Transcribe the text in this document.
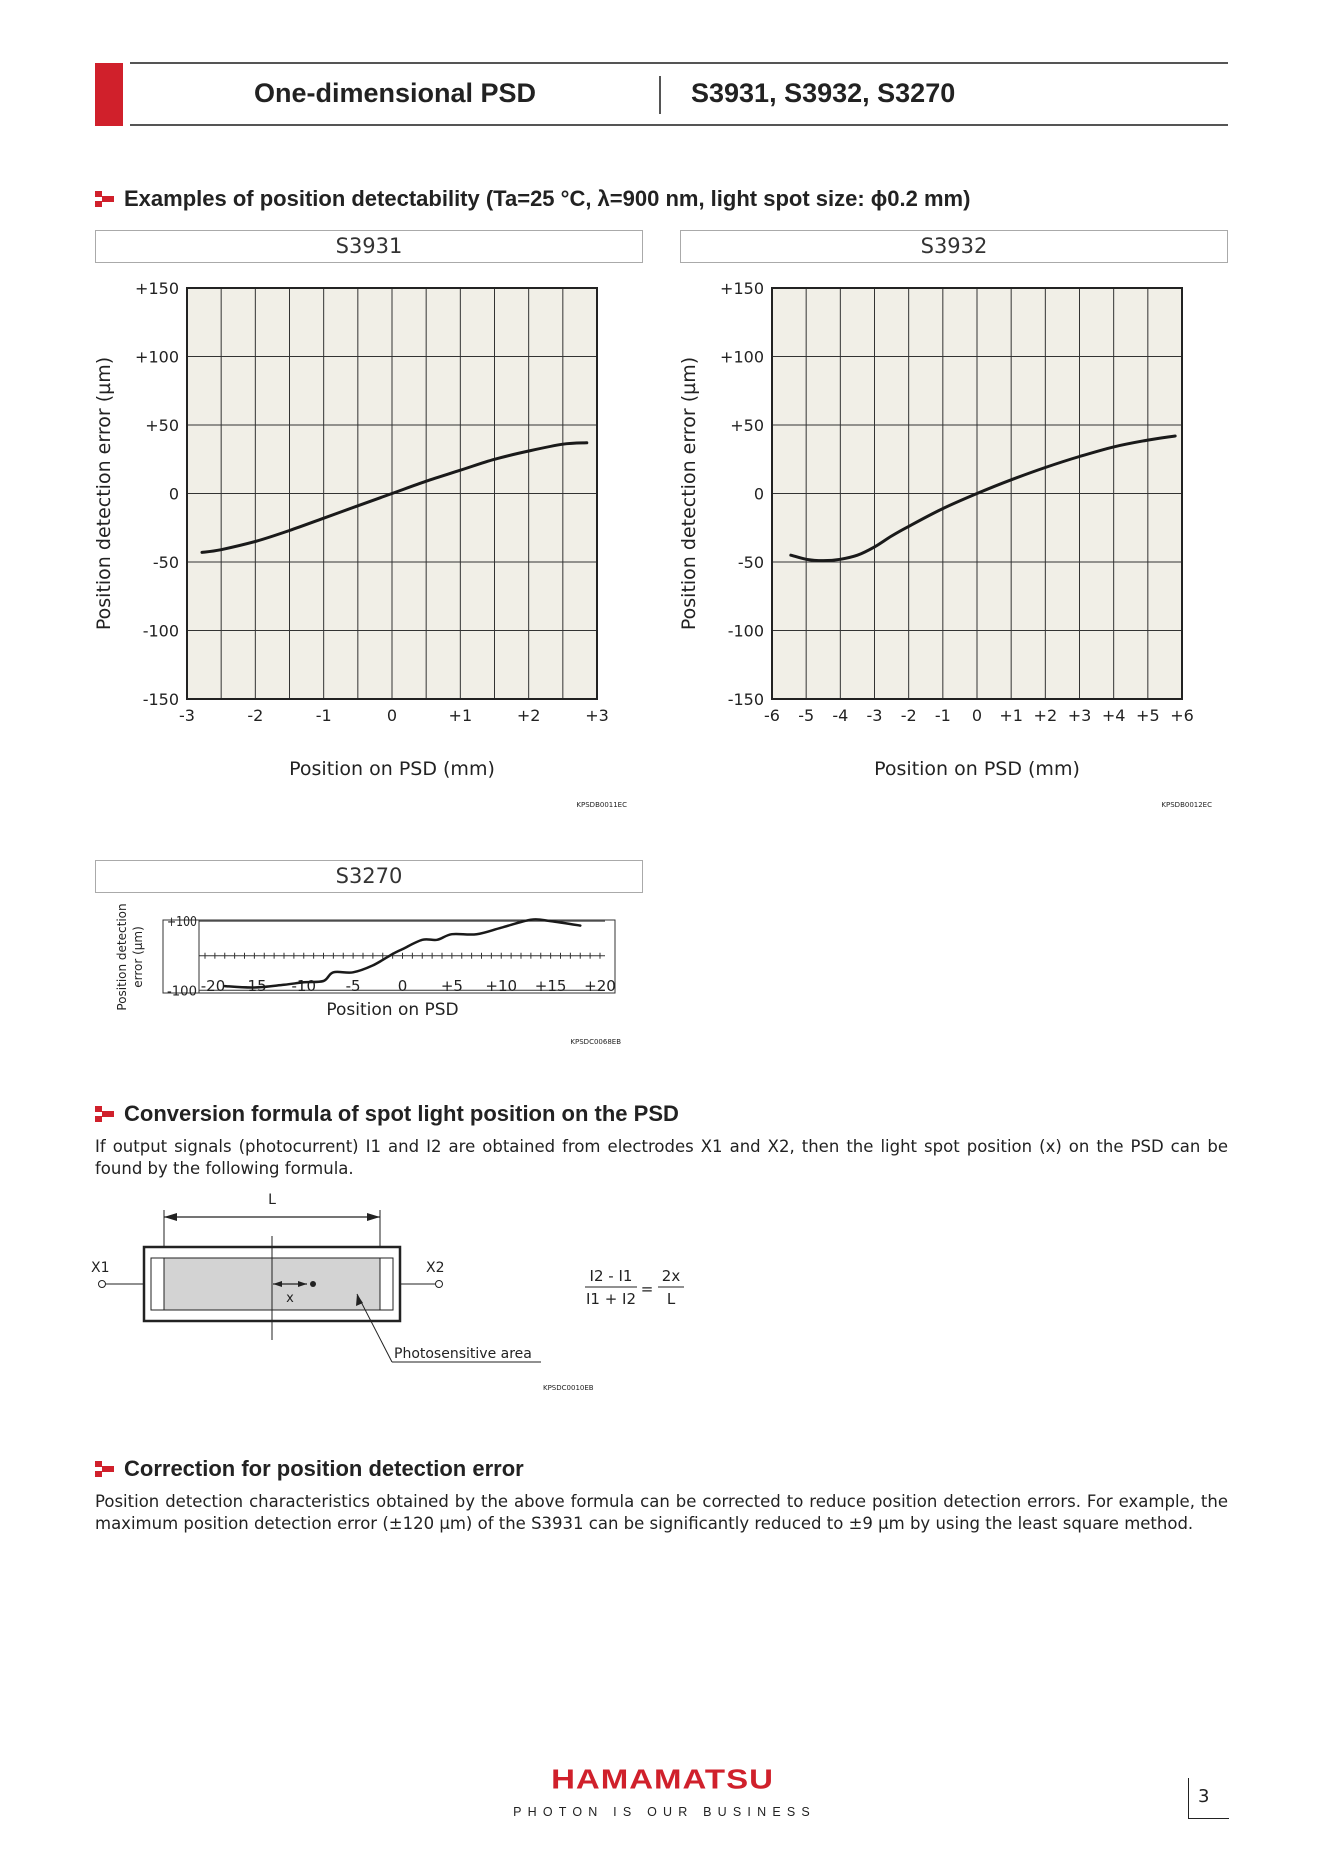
One-dimensional PSD	S3931, S3932, S3270
Examples of position detectability (Ta=25 °C, λ=900 nm, light spot size: ϕ0.2 mm)
S3931	S3932
+150
+100
+50
0
-50
-100
-150
-3	-2	-1	0	+1	+2	+3
Position on PSD (mm)
Position detection error (µm)
KPSDB0011EC
+150
+100
+50
0
-50
-100
-150
-6 -5 -4 -3 -2 -1 0 +1 +2 +3 +4 +5 +6
Position on PSD (mm)
Position detection error (µm)
KPSDB0012EC
S3270
+100
-100 -20 -15 -10 -5 0 +5 +10 +15 +20
Position on PSD
Position detection error (µm)
KPSDC0068EB
Conversion formula of spot light position on the PSD
If output signals (photocurrent) I1 and I2 are obtained from electrodes X1 and X2, then the light spot position (x) on the PSD can be found by the following formula.
L
x
X1	X2
Photosensitive area
I2 - I1
I1 + I2
=
2x
L
KPSDC0010EB
Correction for position detection error
Position detection characteristics obtained by the above formula can be corrected to reduce position detection errors. For example, the maximum position detection error (±120 µm) of the S3931 can be significantly reduced to ±9 µm by using the least square method.
HAMAMATSU
PHOTON IS OUR BUSINESS
3
